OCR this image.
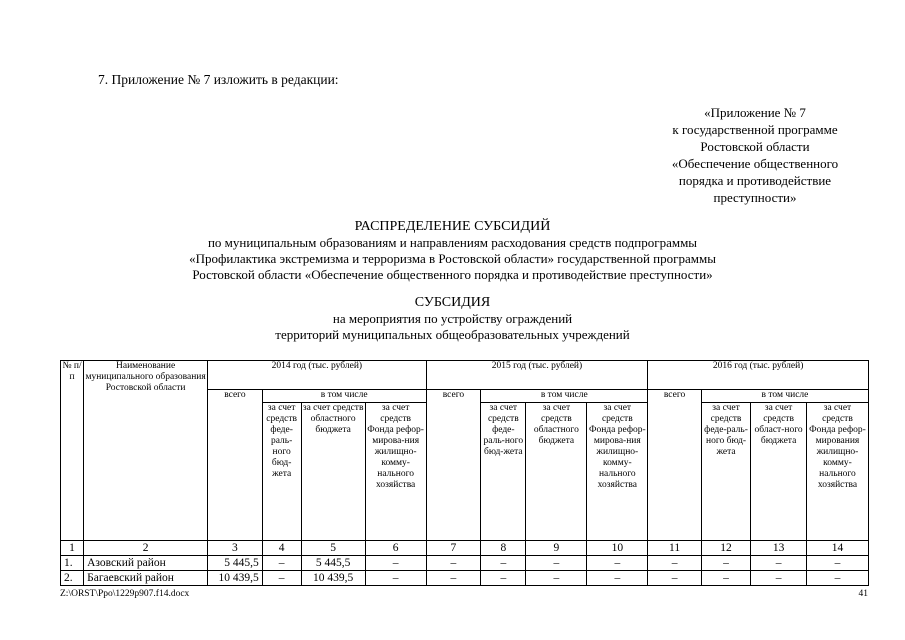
7. Приложение № 7 изложить в редакции:
«Приложение № 7
к государственной программе
Ростовской области
«Обеспечение общественного
порядка и противодействие
преступности»
РАСПРЕДЕЛЕНИЕ СУБСИДИЙ
по муниципальным образованиям и направлениям расходования средств подпрограммы
«Профилактика экстремизма и терроризма в Ростовской области» государственной программы
Ростовской области «Обеспечение общественного порядка и противодействие преступности»
СУБСИДИЯ
на мероприятия по устройству ограждений
территорий муниципальных общеобразовательных учреждений
№ п/п	Наименование муниципального образования Ростовской области	2014 год (тыс. рублей)				2015 год (тыс. рублей)				2016 год (тыс. рублей)			
		всего	в том числе			всего	в том числе			всего	в том числе		
			за счет средств феде-раль-ного бюд-жета	за счет средств областного бюджета	за счет средств Фонда рефор-мирова-ния жилищно-комму-нального хозяйства		за счет средств феде-раль-ного бюд-жета	за счет средств областного бюджета	за счет средств Фонда рефор-мирова-ния жилищно-комму-нального хозяйства		за счет средств феде-раль-ного бюд-жета	за счет средств област-ного бюджета	за счет средств Фонда рефор-мирования жилищно-комму-нального хозяйства
1	2	3	4	5	6	7	8	9	10	11	12	13	14
1.	Азовский район	5 445,5	–	5 445,5	–	–	–	–	–	–	–	–	–
2.	Багаевский район	10 439,5	–	10 439,5	–	–	–	–	–	–	–	–	–
Z:\ORST\Ppo\1229p907.f14.docx	41
